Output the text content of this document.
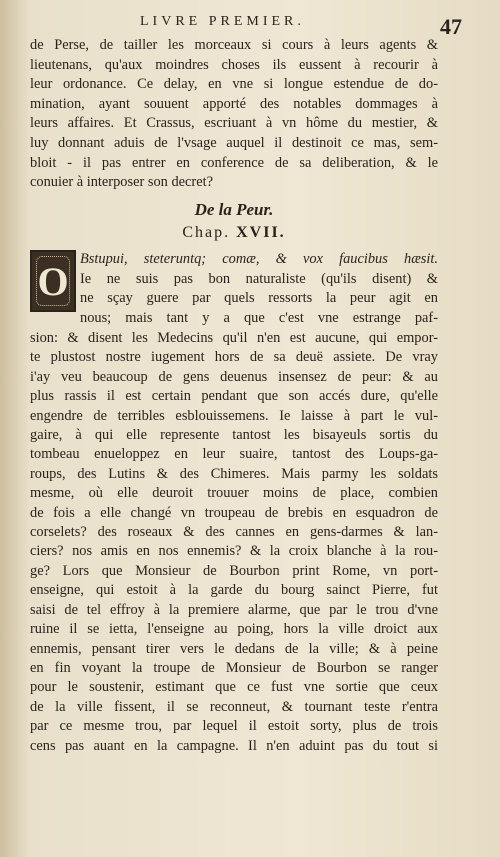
LIVRE PREMIER.	47
de Perse, de tailler les morceaux si cours à leurs agents &
lieutenans, qu'aux moindres choses ils eussent à recourir à
leur ordonance. Ce delay, en vne si longue estendue de do-
mination, ayant souuent apporté des notables dommages à
leurs affaires. Et Crassus, escriuant à vn hôme du mestier, &
luy donnant aduis de l'vsage auquel il destinoit ce mas, sem-
bloit - il pas entrer en conference de sa deliberation, & le
conuier à interposer son decret?
De la Peur.
Chap. XVII.
O Bstupui, steteruntq; comæ, & vox faucibus hæsit.
Ie ne suis pas bon naturaliste (qu'ils disent) &
ne sçay guere par quels ressorts la peur agit en
nous; mais tant y a que c'est vne estrange paf-
sion: & disent les Medecins qu'il n'en est aucune, qui empor-
te plustost nostre iugement hors de sa deuë assiete. De vray
i'ay veu beaucoup de gens deuenus insensez de peur: & au
plus rassis il est certain pendant que son accés dure, qu'elle
engendre de terribles esblouissemens. Ie laisse à part le vul-
gaire, à qui elle represente tantost les bisayeuls sortis du
tombeau enueloppez en leur suaire, tantost des Loups-ga-
roups, des Lutins & des Chimeres. Mais parmy les soldats
mesme, où elle deuroit trouuer moins de place, combien
de fois a elle changé vn troupeau de brebis en esquadron de
corselets? des roseaux & des cannes en gens-darmes & lan-
ciers? nos amis en nos ennemis? & la croix blanche à la rou-
ge? Lors que Monsieur de Bourbon print Rome, vn port-
enseigne, qui estoit à la garde du bourg sainct Pierre, fut
saisi de tel effroy à la premiere alarme, que par le trou d'vne
ruine il se ietta, l'enseigne au poing, hors la ville droict aux
ennemis, pensant tirer vers le dedans de la ville; & à peine
en fin voyant la troupe de Monsieur de Bourbon se ranger
pour le soustenir, estimant que ce fust vne sortie que ceux
de la ville fissent, il se reconneut, & tournant teste r'entra
par ce mesme trou, par lequel il estoit sorty, plus de trois
cens pas auant en la campagne. Il n'en aduint pas du tout si
